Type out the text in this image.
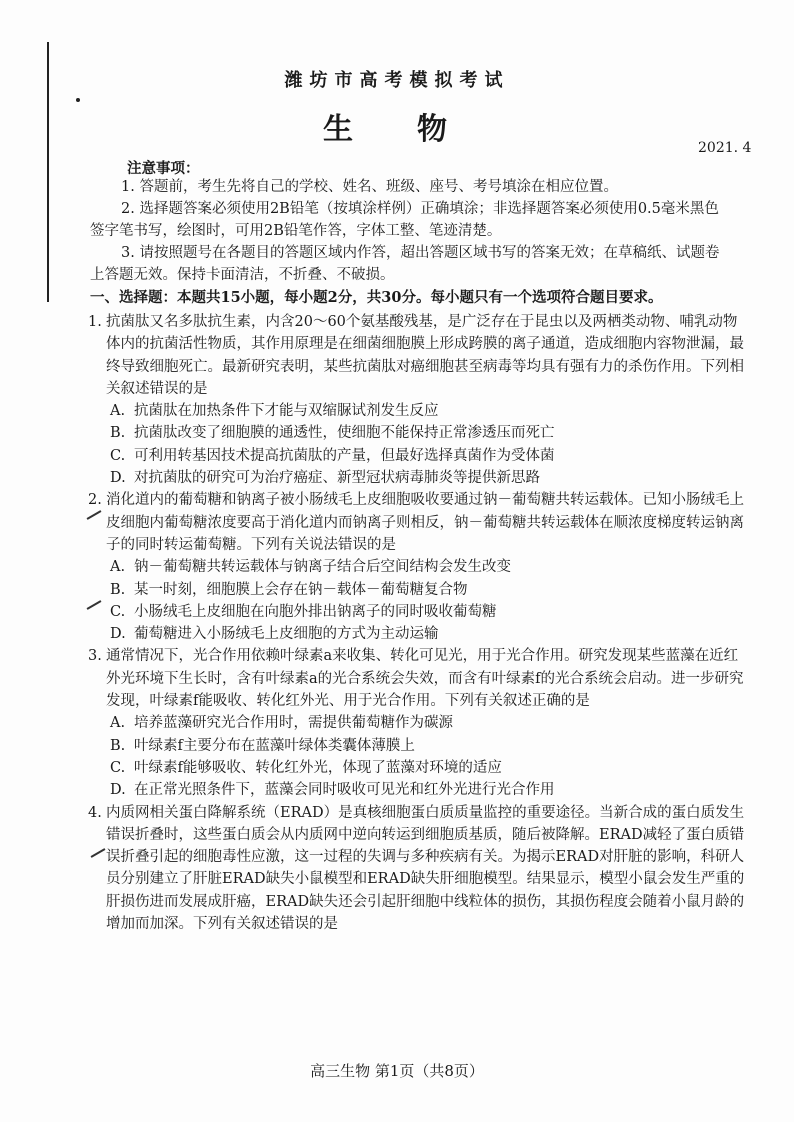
潍坊市高考模拟考试
生物
2021. 4
注意事项：

1. 答题前，考生先将自己的学校、姓名、班级、座号、考号填涂在相应位置。

2. 选择题答案必须使用2B铅笔（按填涂样例）正确填涂；非选择题答案必须使用0.5毫米黑色签字笔书写，绘图时，可用2B铅笔作答，字体工整、笔迹清楚。

3. 请按照题号在各题目的答题区域内作答，超出答题区域书写的答案无效；在草稿纸、试题卷上答题无效。保持卡面清洁，不折叠、不破损。

一、选择题：本题共15小题，每小题2分，共30分。每小题只有一个选项符合题目要求。

1. 抗菌肽又名多肽抗生素，内含20～60个氨基酸残基，是广泛存在于昆虫以及两栖类动物、哺乳动物体内的抗菌活性物质，其作用原理是在细菌细胞膜上形成跨膜的离子通道，造成细胞内容物泄漏，最终导致细胞死亡。最新研究表明，某些抗菌肽对癌细胞甚至病毒等均具有强有力的杀伤作用。下列相关叙述错误的是

A. 抗菌肽在加热条件下才能与双缩脲试剂发生反应

B. 抗菌肽改变了细胞膜的通透性，使细胞不能保持正常渗透压而死亡

C. 可利用转基因技术提高抗菌肽的产量，但最好选择真菌作为受体菌

D. 对抗菌肽的研究可为治疗癌症、新型冠状病毒肺炎等提供新思路

2. 消化道内的葡萄糖和钠离子被小肠绒毛上皮细胞吸收要通过钠－葡萄糖共转运载体。已知小肠绒毛上皮细胞内葡萄糖浓度要高于消化道内而钠离子则相反，钠－葡萄糖共转运载体在顺浓度梯度转运钠离子的同时转运葡萄糖。下列有关说法错误的是

A. 钠－葡萄糖共转运载体与钠离子结合后空间结构会发生改变

B. 某一时刻，细胞膜上会存在钠－载体－葡萄糖复合物

C. 小肠绒毛上皮细胞在向胞外排出钠离子的同时吸收葡萄糖

D. 葡萄糖进入小肠绒毛上皮细胞的方式为主动运输

3. 通常情况下，光合作用依赖叶绿素a来收集、转化可见光，用于光合作用。研究发现某些蓝藻在近红外光环境下生长时，含有叶绿素a的光合系统会失效，而含有叶绿素f的光合系统会启动。进一步研究发现，叶绿素f能吸收、转化红外光、用于光合作用。下列有关叙述正确的是

A. 培养蓝藻研究光合作用时，需提供葡萄糖作为碳源

B. 叶绿素f主要分布在蓝藻叶绿体类囊体薄膜上

C. 叶绿素f能够吸收、转化红外光，体现了蓝藻对环境的适应

D. 在正常光照条件下，蓝藻会同时吸收可见光和红外光进行光合作用

4. 内质网相关蛋白降解系统（ERAD）是真核细胞蛋白质质量监控的重要途径。当新合成的蛋白质发生错误折叠时，这些蛋白质会从内质网中逆向转运到细胞质基质，随后被降解。ERAD减轻了蛋白质错误折叠引起的细胞毒性应激，这一过程的失调与多种疾病有关。为揭示ERAD对肝脏的影响，科研人员分别建立了肝脏ERAD缺失小鼠模型和ERAD缺失肝细胞模型。结果显示，模型小鼠会发生严重的肝损伤进而发展成肝癌，ERAD缺失还会引起肝细胞中线粒体的损伤，其损伤程度会随着小鼠月龄的增加而加深。下列有关叙述错误的是

高三生物 第1页（共8页）
